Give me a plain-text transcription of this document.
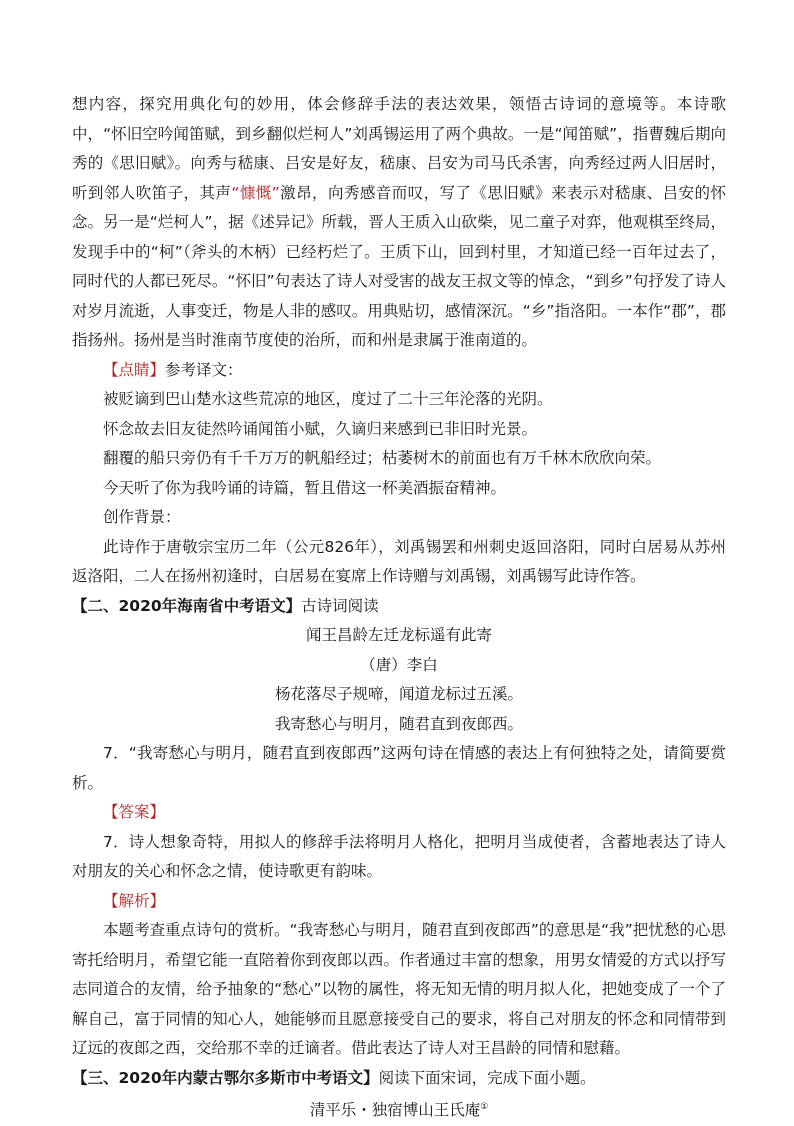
想内容，探究用典化句的妙用，体会修辞手法的表达效果，领悟古诗词的意境等。本诗歌中，“怀旧空吟闻笛赋，到乡翻似烂柯人”刘禹锡运用了两个典故。一是“闻笛赋”，指曹魏后期向秀的《思旧赋》。向秀与嵇康、吕安是好友，嵇康、吕安为司马氏杀害，向秀经过两人旧居时，听到邻人吹笛子，其声“慷慨”激昂，向秀感音而叹，写了《思旧赋》来表示对嵇康、吕安的怀念。另一是“烂柯人”，据《述异记》所载，晋人王质入山砍柴，见二童子对弈，他观棋至终局，发现手中的“柯”（斧头的木柄）已经朽烂了。王质下山，回到村里，才知道已经一百年过去了，同时代的人都已死尽。“怀旧”句表达了诗人对受害的战友王叔文等的悼念，“到乡”句抒发了诗人对岁月流逝，人事变迁，物是人非的感叹。用典贴切，感情深沉。“乡”指洛阳。一本作“郡”，郡指扬州。扬州是当时淮南节度使的治所，而和州是隶属于淮南道的。

【点睛】参考译文：

被贬谪到巴山楚水这些荒凉的地区，度过了二十三年沦落的光阴。

怀念故去旧友徒然吟诵闻笛小赋，久谪归来感到已非旧时光景。

翻覆的船只旁仍有千千万万的帆船经过；枯萎树木的前面也有万千林木欣欣向荣。

今天听了你为我吟诵的诗篇，暂且借这一杯美酒振奋精神。

创作背景：

此诗作于唐敬宗宝历二年（公元826年），刘禹锡罢和州刺史返回洛阳，同时白居易从苏州返洛阳，二人在扬州初逢时，白居易在宴席上作诗赠与刘禹锡，刘禹锡写此诗作答。

【二、2020年海南省中考语文】古诗词阅读

闻王昌龄左迁龙标遥有此寄

（唐）李白

杨花落尽子规啼，闻道龙标过五溪。

我寄愁心与明月，随君直到夜郎西。

7．“我寄愁心与明月，随君直到夜郎西”这两句诗在情感的表达上有何独特之处，请简要赏析。

【答案】

7．诗人想象奇特，用拟人的修辞手法将明月人格化，把明月当成使者，含蓄地表达了诗人对朋友的关心和怀念之情，使诗歌更有韵味。

【解析】

本题考查重点诗句的赏析。“我寄愁心与明月，随君直到夜郎西”的意思是“我”把忧愁的心思寄托给明月，希望它能一直陪着你到夜郎以西。作者通过丰富的想象，用男女情爱的方式以抒写志同道合的友情，给予抽象的“愁心”以物的属性，将无知无情的明月拟人化，把她变成了一个了解自己，富于同情的知心人，她能够而且愿意接受自己的要求，将自己对朋友的怀念和同情带到辽远的夜郎之西，交给那不幸的迁谪者。借此表达了诗人对王昌龄的同情和慰藉。

【三、2020年内蒙古鄂尔多斯市中考语文】阅读下面宋词，完成下面小题。

清平乐・独宿博山王氏庵①
